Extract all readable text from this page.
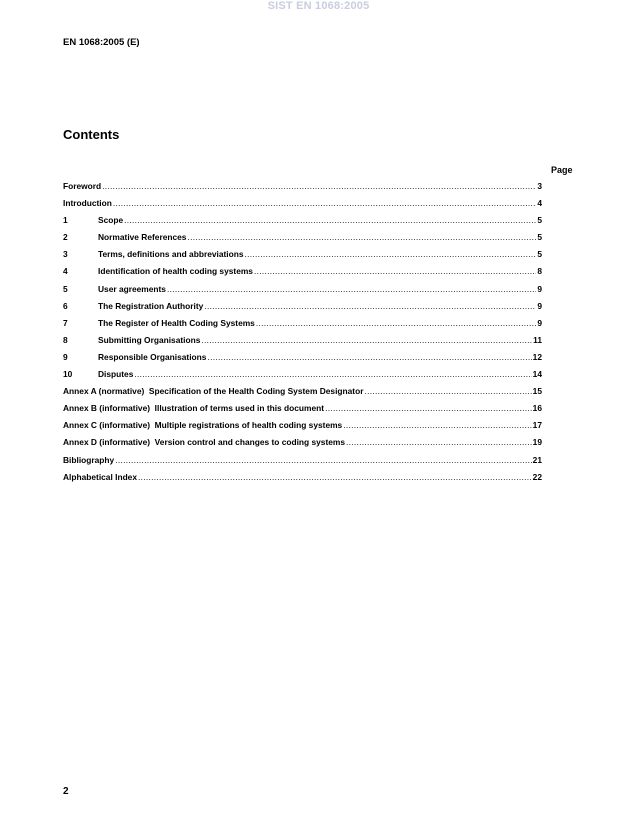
SIST EN 1068:2005
EN 1068:2005 (E)
Contents
Page
Foreword .....	3
Introduction .....	4
1	Scope .....	5
2	Normative References .....	5
3	Terms, definitions and abbreviations .....	5
4	Identification of health coding systems .....	8
5	User agreements .....	9
6	The Registration Authority .....	9
7	The Register of Health Coding Systems .....	9
8	Submitting Organisations .....	11
9	Responsible Organisations .....	12
10	Disputes .....	14
Annex A (normative)  Specification of the Health Coding System Designator .....	15
Annex B (informative)  Illustration of terms used in this document .....	16
Annex C (informative)  Multiple registrations of health coding systems .....	17
Annex D (informative)  Version control and changes to coding systems .....	19
Bibliography .....	21
Alphabetical Index .....	22
2
